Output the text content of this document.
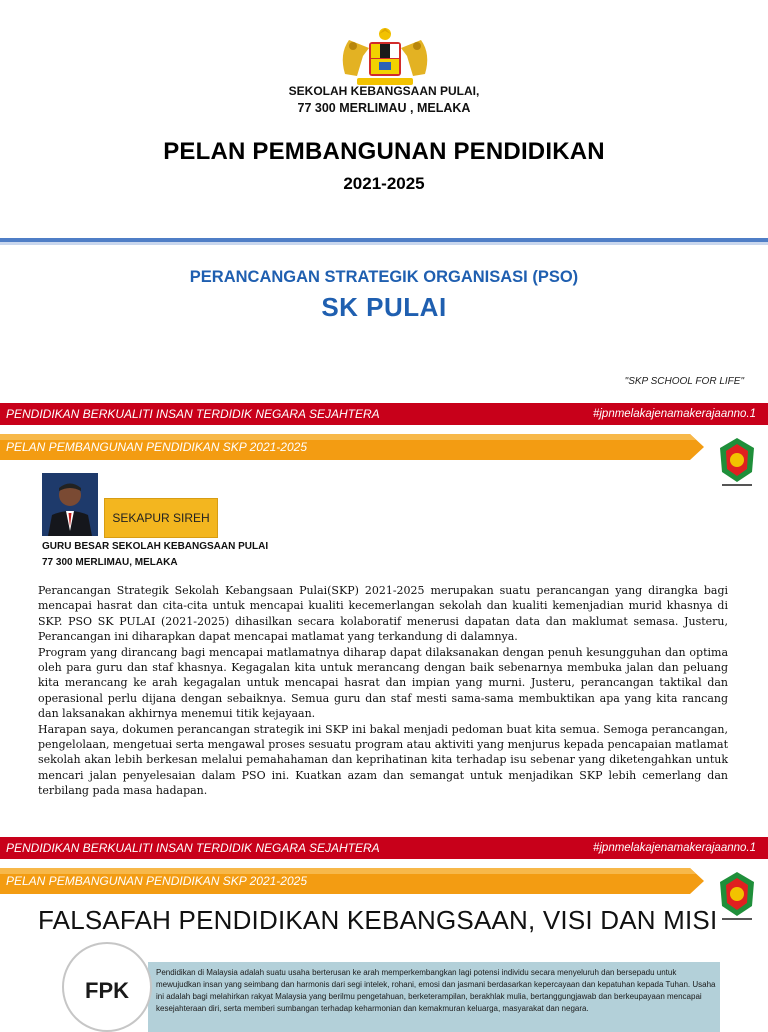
SEKOLAH KEBANGSAAN PULAI,
77 300 MERLIMAU , MELAKA
PELAN PEMBANGUNAN PENDIDIKAN
2021-2025
PERANCANGAN STRATEGIK ORGANISASI (PSO)
SK PULAI
"SKP SCHOOL FOR LIFE"
PENDIDIKAN BERKUALITI INSAN TERDIDIK NEGARA SEJAHTERA	#jpnmelakajenamakerajaanno.1
PELAN PEMBANGUNAN PENDIDIKAN SKP 2021-2025
SEKAPUR SIREH
GURU BESAR SEKOLAH KEBANGSAAN PULAI
77 300 MERLIMAU, MELAKA

Perancangan Strategik Sekolah Kebangsaan Pulai(SKP) 2021-2025 merupakan suatu perancangan yang dirangka bagi mencapai hasrat dan cita-cita untuk mencapai kualiti kecemerlangan sekolah dan kualiti kemenjadian murid khasnya di SKP. PSO SK PULAI (2021-2025) dihasilkan secara kolaboratif menerusi dapatan data dan maklumat semasa. Justeru, Perancangan ini diharapkan dapat mencapai matlamat yang terkandung di dalamnya.

Program yang dirancang bagi mencapai matlamatnya diharap dapat dilaksanakan dengan penuh kesungguhan dan optima oleh para guru dan staf khasnya. Kegagalan kita untuk merancang dengan baik sebenarnya membuka jalan dan peluang kita merancang ke arah kegagalan untuk mencapai hasrat dan impian yang murni. Justeru, perancangan taktikal dan operasional perlu dijana dengan sebaiknya. Semua guru dan staf mesti sama-sama membuktikan apa yang kita rancang dan laksanakan akhirnya menemui titik kejayaan.

Harapan saya, dokumen perancangan strategik ini SKP ini bakal menjadi pedoman buat kita semua. Semoga perancangan, pengelolaan, mengetuai serta mengawal proses sesuatu program atau aktiviti yang menjurus kepada pencapaian matlamat sekolah akan lebih berkesan melalui pemahahaman dan keprihatinan kita terhadap isu sebenar yang diketengahkan untuk mencari jalan penyelesaian dalam PSO ini. Kuatkan azam dan semangat untuk menjadikan SKP lebih cemerlang dan terbilang pada masa hadapan.

PENDIDIKAN BERKUALITI INSAN TERDIDIK NEGARA SEJAHTERA	#jpnmelakajenamakerajaanno.1
PELAN PEMBANGUNAN PENDIDIKAN SKP 2021-2025
FALSAFAH PENDIDIKAN KEBANGSAAN, VISI DAN MISI
Pendidikan di Malaysia adalah suatu usaha berterusan ke arah memperkembangkan lagi potensi individu secara menyeluruh dan bersepadu untuk mewujudkan insan yang seimbang dan harmonis dari segi intelek, rohani, emosi dan jasmani berdasarkan kepercayaan dan kepatuhan kepada Tuhan. Usaha ini adalah bagi melahirkan rakyat Malaysia yang berilmu pengetahuan, berketerampilan, berakhlak mulia, bertanggungjawab dan berkeupayaan mencapai kesejahteraan diri, serta memberi sumbangan terhadap keharmonian dan kemakmuran keluarga, masyarakat dan negara.
FPK
